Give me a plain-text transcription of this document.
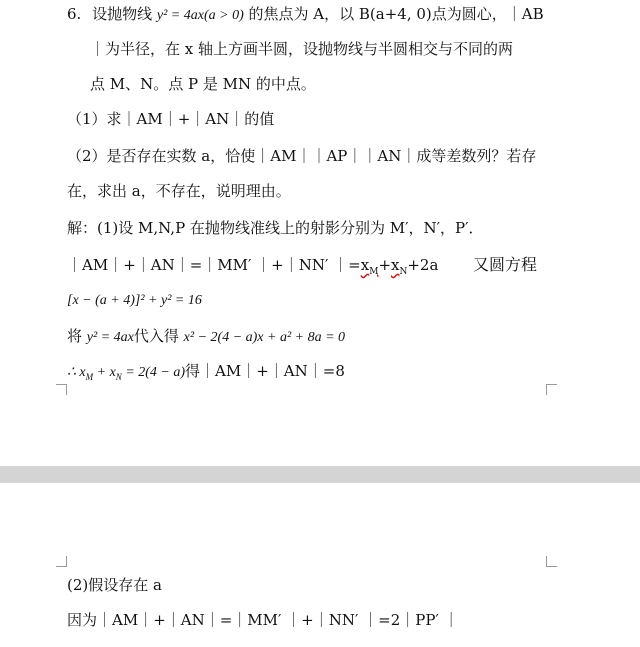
6. 设抛物线 y² = 4ax(a > 0) 的焦点为 A，以 B(a+4, 0)点为圆心，｜AB
｜为半径，在 x 轴上方画半圆，设抛物线与半圆相交与不同的两
点 M、N。点 P 是 MN 的中点。
（1）求｜AM｜+｜AN｜的值
（2）是否存在实数 a，恰使｜AM｜｜AP｜｜AN｜成等差数列？若存
在，求出 a，不存在，说明理由。
解：(1)设 M,N,P 在抛物线准线上的射影分别为 M′，N′，P′．
｜AM｜+｜AN｜=｜MM′ ｜+｜NN′ $|=x_M+x_N+2a$ 又圆方程
[x − (a + 4)]² + y² = 16
将 y² = 4ax代入得 x² − 2(4 − a)x + a² + 8a = 0
∴ $x_M + x_N = 2(4 - a)$得｜AM｜+｜AN｜=8
(2)假设存在 a
因为｜AM｜+｜AN｜=｜MM′ ｜+｜NN′ ｜=2｜PP′ ｜
